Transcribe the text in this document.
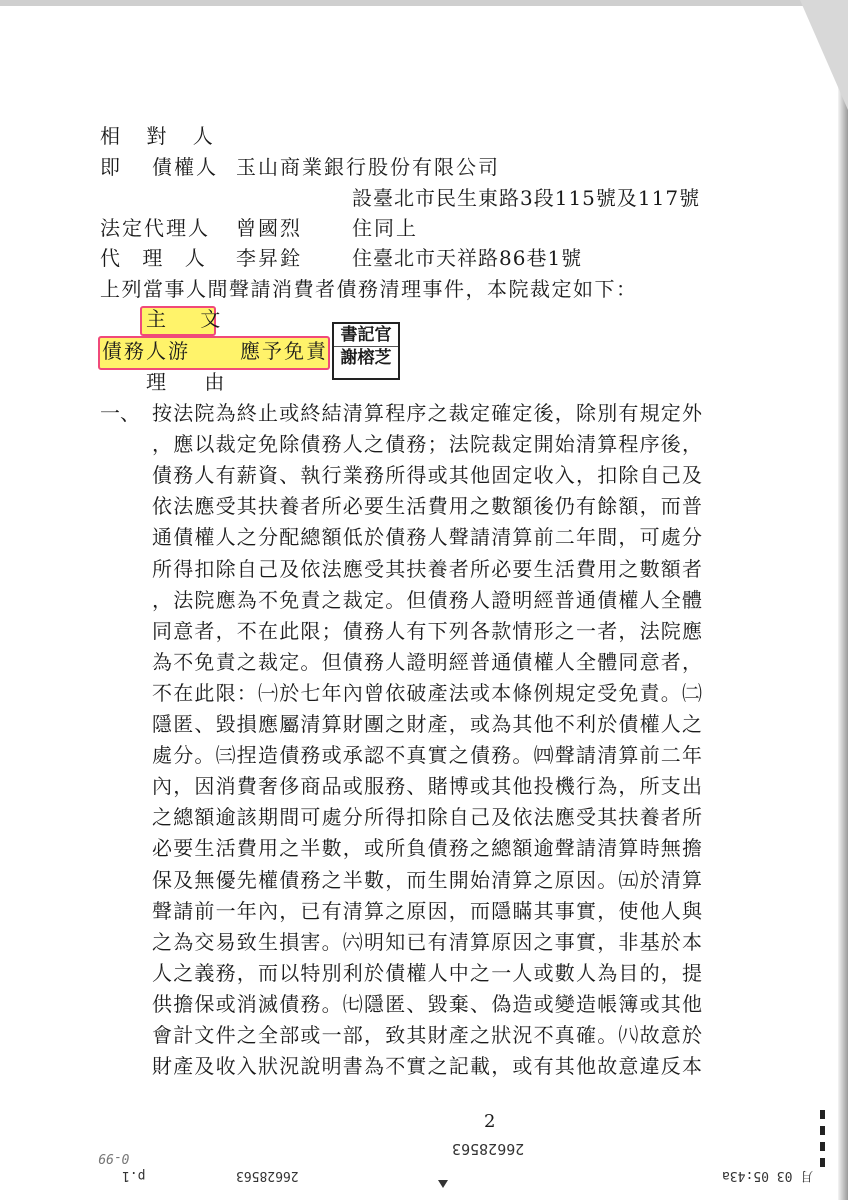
相 對 人
即 債權人 玉山商業銀行股份有限公司
設臺北市民生東路3段115號及117號
法定代理人 曾國烈	住同上
代 理 人 李昇銓	住臺北市天祥路86巷1號
上列當事人間聲請消費者債務清理事件，本院裁定如下：
主 文
債務人游	應予免責
書記官
謝榕芝
理 由
一、 按法院為終止或終結清算程序之裁定確定後，除別有規定外
，應以裁定免除債務人之債務；法院裁定開始清算程序後，
債務人有薪資、執行業務所得或其他固定收入，扣除自己及
依法應受其扶養者所必要生活費用之數額後仍有餘額，而普
通債權人之分配總額低於債務人聲請清算前二年間，可處分
所得扣除自己及依法應受其扶養者所必要生活費用之數額者
，法院應為不免責之裁定。但債務人證明經普通債權人全體
同意者，不在此限；債務人有下列各款情形之一者，法院應
為不免責之裁定。但債務人證明經普通債權人全體同意者，
不在此限：㈠於七年內曾依破產法或本條例規定受免責。㈡
隱匿、毀損應屬清算財團之財產，或為其他不利於債權人之
處分。㈢捏造債務或承認不真實之債務。㈣聲請清算前二年
內，因消費奢侈商品或服務、賭博或其他投機行為，所支出
之總額逾該期間可處分所得扣除自己及依法應受其扶養者所
必要生活費用之半數，或所負債務之總額逾聲請清算時無擔
保及無優先權債務之半數，而生開始清算之原因。㈤於清算
聲請前一年內，已有清算之原因，而隱瞞其事實，使他人與
之為交易致生損害。㈥明知已有清算原因之事實，非基於本
人之義務，而以特別利於債權人中之一人或數人為目的，提
供擔保或消滅債務。㈦隱匿、毀棄、偽造或變造帳簿或其他
會計文件之全部或一部，致其財產之狀況不真確。㈧故意於
財產及收入狀況說明書為不實之記載，或有其他故意違反本
2
26628563
0-99
p.1	26628563	月 03 05:43a
